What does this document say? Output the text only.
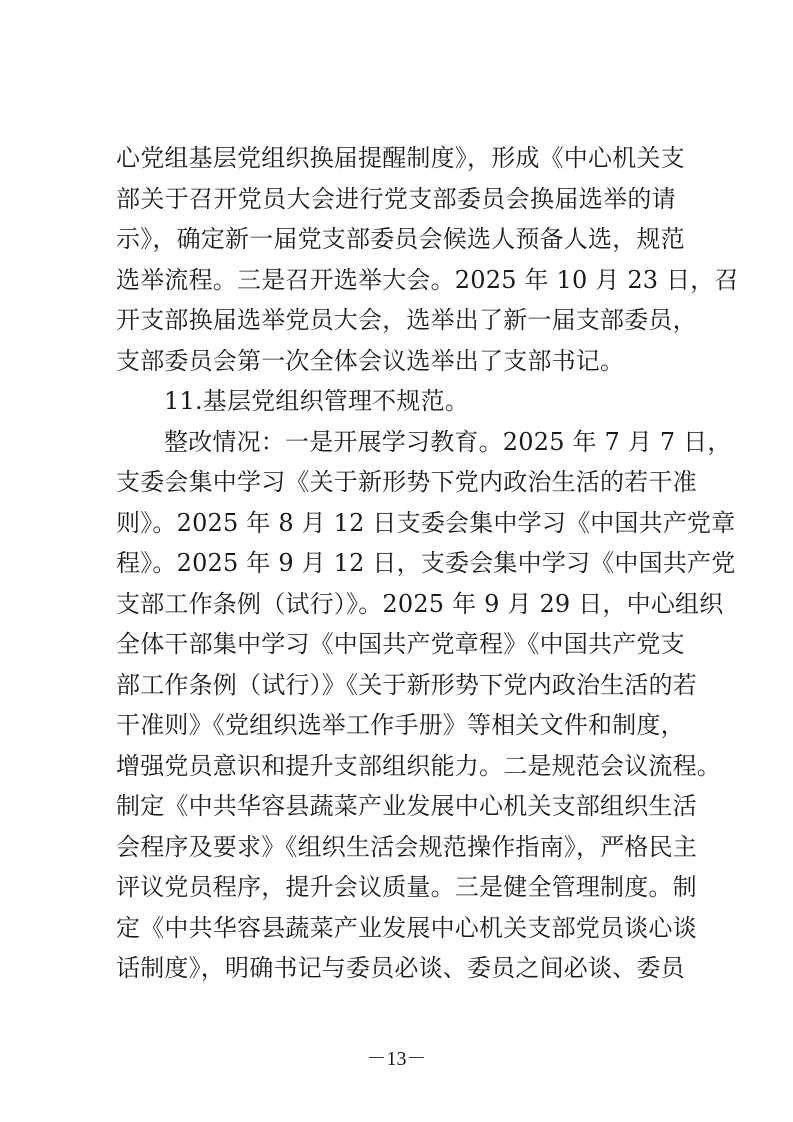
心党组基层党组织换届提醒制度》，形成《中心机关支
部关于召开党员大会进行党支部委员会换届选举的请
示》，确定新一届党支部委员会候选人预备人选，规范
选举流程。三是召开选举大会。2025 年 10 月 23 日，召
开支部换届选举党员大会，选举出了新一届支部委员，
支部委员会第一次全体会议选举出了支部书记。
11.基层党组织管理不规范。
整改情况：一是开展学习教育。2025 年 7 月 7 日，
支委会集中学习《关于新形势下党内政治生活的若干准
则》。2025 年 8 月 12 日支委会集中学习《中国共产党章
程》。2025 年 9 月 12 日，支委会集中学习《中国共产党
支部工作条例（试行）》。2025 年 9 月 29 日，中心组织
全体干部集中学习《中国共产党章程》《中国共产党支
部工作条例（试行）》《关于新形势下党内政治生活的若
干准则》《党组织选举工作手册》等相关文件和制度，
增强党员意识和提升支部组织能力。二是规范会议流程。
制定《中共华容县蔬菜产业发展中心机关支部组织生活
会程序及要求》《组织生活会规范操作指南》，严格民主
评议党员程序，提升会议质量。三是健全管理制度。制
定《中共华容县蔬菜产业发展中心机关支部党员谈心谈
话制度》，明确书记与委员必谈、委员之间必谈、委员
－13－
